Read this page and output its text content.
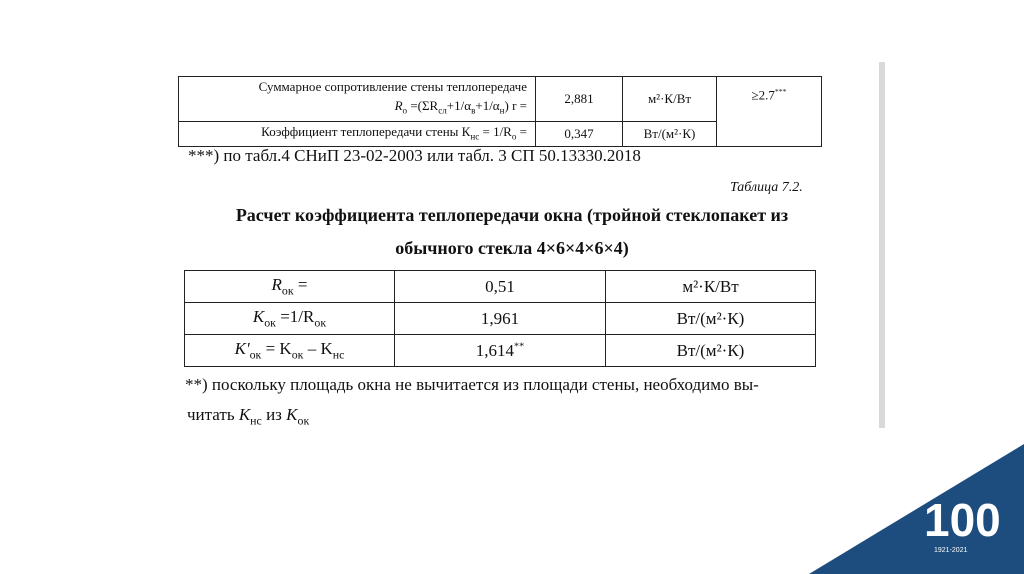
Суммарное сопротивление стены теплопередаче
$R_о =(\Sigma R_{сл}+1/\alpha_в+1/\alpha_н) r$ =	2,881	м²·К/Вт	≥2.7***
Коэффициент теплопередачи стены $К_{нс} = 1/R_о$ =	0,347	Вт/(м²·К)	
***) по табл.4 СНиП 23-02-2003 или табл. 3 СП 50.13330.2018
Таблица 7.2.
Расчет коэффициента теплопередачи окна (тройной стеклопакет из
обычного стекла 4×6×4×6×4)
$R_{ок}$ =	0,51	м²·К/Вт
$K_{ок} =1/R_{ок}$	1,961	Вт/(м²·К)
$K'_{ок} = K_{ок} - K_{нс}$	1,614**	Вт/(м²·К)
**) поскольку площадь окна не вычитается из площади стены, необходимо вы-
читать $K_{нс}$ из $K_{ок}$
100
1921-2021
